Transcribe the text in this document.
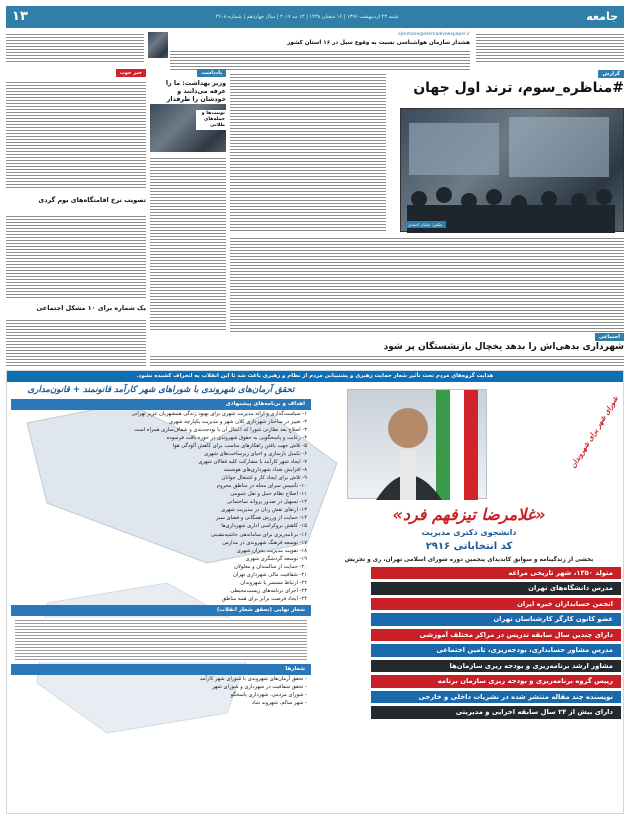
جامعه
شنبه ۲۳ اردیبهشت ۱۳۹۶ | ۱۶ شعبان ۱۴۳۸ | ۱۳ مه ۲۰۱۷ | سال چهاردهم | شماره ۳۶۰۸
۱۳
ejtemaee@etemadnewspaper.ir
هشدار سازمان هواشناسی نسبت به وقوع سیل در ۱۶ استان کشور
گزارش
#مناظره_سوم، ترند اول جهان
عکس: شایان احمدی
یادداشت
وزیر بهداشت: ما را عرفه می‌دانند و خودشان را طرفدار
توییت‌ها و جمله‌های طلایی
خبر خوب
تصویب نرخ اقامتگاه‌های بوم گردی
یک شماره برای ۱۰ مشکل اجتماعی
اجتماعی
شهرداری بدهی‌اش را بدهد یخچال بازنشستگان پر شود
هدایت گروه‌های مردم تحت تأثیر شعار حمایت رهبری و پشتیبانی مردم از نظام و رهبری باعث شد تا این انقلاب به انحراف کشیده نشود.
تحقق آرمان‌های شهروندی با شوراهای شهر کارآمد قانونمند + قانون‌مداری
اهداف و برنامه‌های پیشنهادی
۱- سیاست‌گذاری و ارائه مدیریت شهری برای بهبود زندگی همشهریان عزیز تهرانی
۲- تغییر در ساختار شهرداری کلان شهر و مدیریت یکپارچه شهری
۳- اصلاح بعد نظارتی شورا که اعمال آن با بودجه‌بندی و شفاف‌سازی همراه است
۴- رعایت و پاسخگویی به حقوق شهروندی در حوزه بافت فرسوده
۵- تلاش جهت یافتن راهکارهای مناسب برای کاهش آلودگی هوا
۶- تکمیل بازسازی و احیای زیرساخت‌های شهری
۷- ایجاد شهر کارآمد با مشارکت کلیه فعالان شهری
۸- افزایش تعداد شهرداری‌های هوشمند
۹- تلاش برای ایجاد کار و اشتغال جوانان
۱۰- تأسیس سرای محله در مناطق محروم
۱۱- اصلاح نظام حمل و نقل عمومی
۱۲- تسهیل در صدور پروانه ساختمانی
۱۳- ارتقای نقش زنان در مدیریت شهری
۱۴- حمایت از ورزش همگانی و فضای سبز
۱۵- کاهش بروکراسی اداری شهرداری‌ها
۱۶- برنامه‌ریزی برای ساماندهی حاشیه‌نشینی
۱۷- توسعه فرهنگ شهروندی در مدارس
۱۸- تقویت مدیریت بحران شهری
۱۹- توسعه گردشگری شهری
۲۰- حمایت از سالمندان و معلولان
۲۱- شفافیت مالی شهرداری تهران
۲۲- ارتباط مستمر با شهروندان
۲۳- اجرای برنامه‌های زیست‌محیطی
۲۴- ایجاد فرصت برابر برای همه مناطق
شعار نهایی (تحقق شعار انقلاب)
شعارها
- تحقق آرمان‌های شهروندی با شورای شهر کارآمد
- تحقق شفافیت در شهرداری و شورای شهر
- شورای مردمی، شهرداری پاسخگو
- شهر سالم، شهروند شاد
شورای شهر برای شهروندان
«غلامرضا تیزفهم فرد»
دانشجوی دکتری مدیریت
کد انتخاباتی ۲۹۱۶
بخشی از زندگینامه و سوابق کاندیدای پنجمین دوره شورای اسلامی تهران، ری و تجریش
متولد ۱۳۵۰، شهر تاریخی مراغه
مدرس دانشگاه‌های تهران
انجمن حسابداران خبره ایران
عضو کانون کارگر کارشناسان تهران
دارای چندین سال سابقه تدریس در مراکز مختلف آموزشی
مدرس مشاور حسابداری، بودجه‌ریزی، تامین اجتماعی
مشاور ارشد برنامه‌ریزی و بودجه ریزی سازمان‌ها
رییس گروه برنامه‌ریزی و بودجه ریزی سازمان برنامه
نویسنده چند مقاله منتشر شده در نشریات داخلی و خارجی
دارای بیش از ۲۴ سال سابقه اجرایی و مدیریتی
